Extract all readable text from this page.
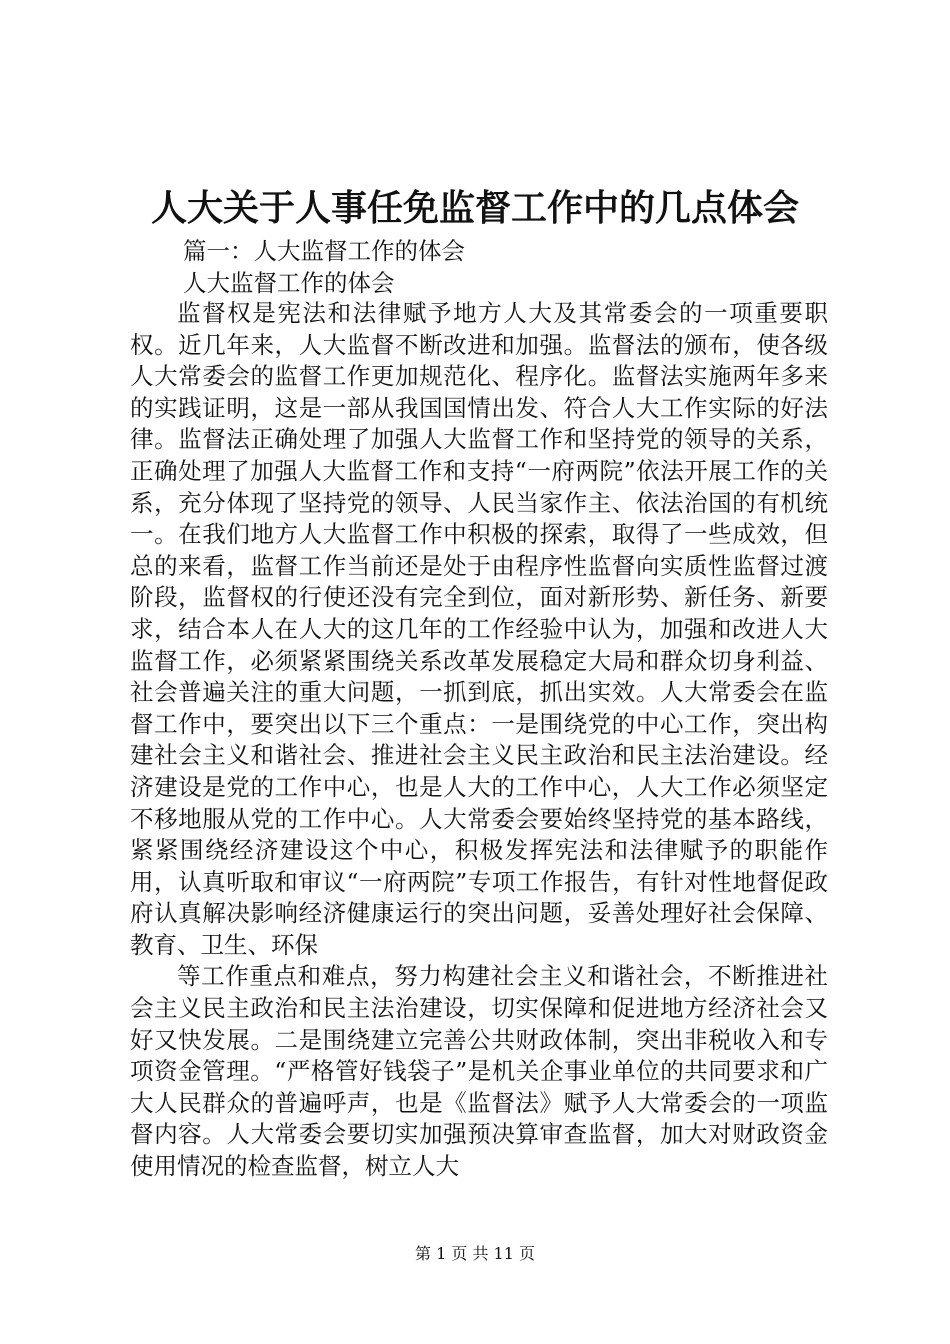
人大关于人事任免监督工作中的几点体会

篇一：人大监督工作的体会

人大监督工作的体会

监督权是宪法和法律赋予地方人大及其常委会的一项重要职权。近几年来，人大监督不断改进和加强。监督法的颁布，使各级人大常委会的监督工作更加规范化、程序化。监督法实施两年多来的实践证明，这是一部从我国国情出发、符合人大工作实际的好法律。监督法正确处理了加强人大监督工作和坚持党的领导的关系，正确处理了加强人大监督工作和支持“一府两院”依法开展工作的关系，充分体现了坚持党的领导、人民当家作主、依法治国的有机统一。在我们地方人大监督工作中积极的探索，取得了一些成效，但总的来看，监督工作当前还是处于由程序性监督向实质性监督过渡阶段，监督权的行使还没有完全到位，面对新形势、新任务、新要求，结合本人在人大的这几年的工作经验中认为，加强和改进人大监督工作，必须紧紧围绕关系改革发展稳定大局和群众切身利益、社会普遍关注的重大问题，一抓到底，抓出实效。人大常委会在监督工作中，要突出以下三个重点：一是围绕党的中心工作，突出构建社会主义和谐社会、推进社会主义民主政治和民主法治建设。经济建设是党的工作中心，也是人大的工作中心，人大工作必须坚定不移地服从党的工作中心。人大常委会要始终坚持党的基本路线，紧紧围绕经济建设这个中心，积极发挥宪法和法律赋予的职能作用，认真听取和审议“一府两院”专项工作报告，有针对性地督促政府认真解决影响经济健康运行的突出问题，妥善处理好社会保障、教育、卫生、环保

等工作重点和难点，努力构建社会主义和谐社会，不断推进社会主义民主政治和民主法治建设，切实保障和促进地方经济社会又好又快发展。二是围绕建立完善公共财政体制，突出非税收入和专项资金管理。“严格管好钱袋子”是机关企事业单位的共同要求和广大人民群众的普遍呼声，也是《监督法》赋予人大常委会的一项监督内容。人大常委会要切实加强预决算审查监督，加大对财政资金使用情况的检查监督，树立人大

第 1 页 共 11 页
